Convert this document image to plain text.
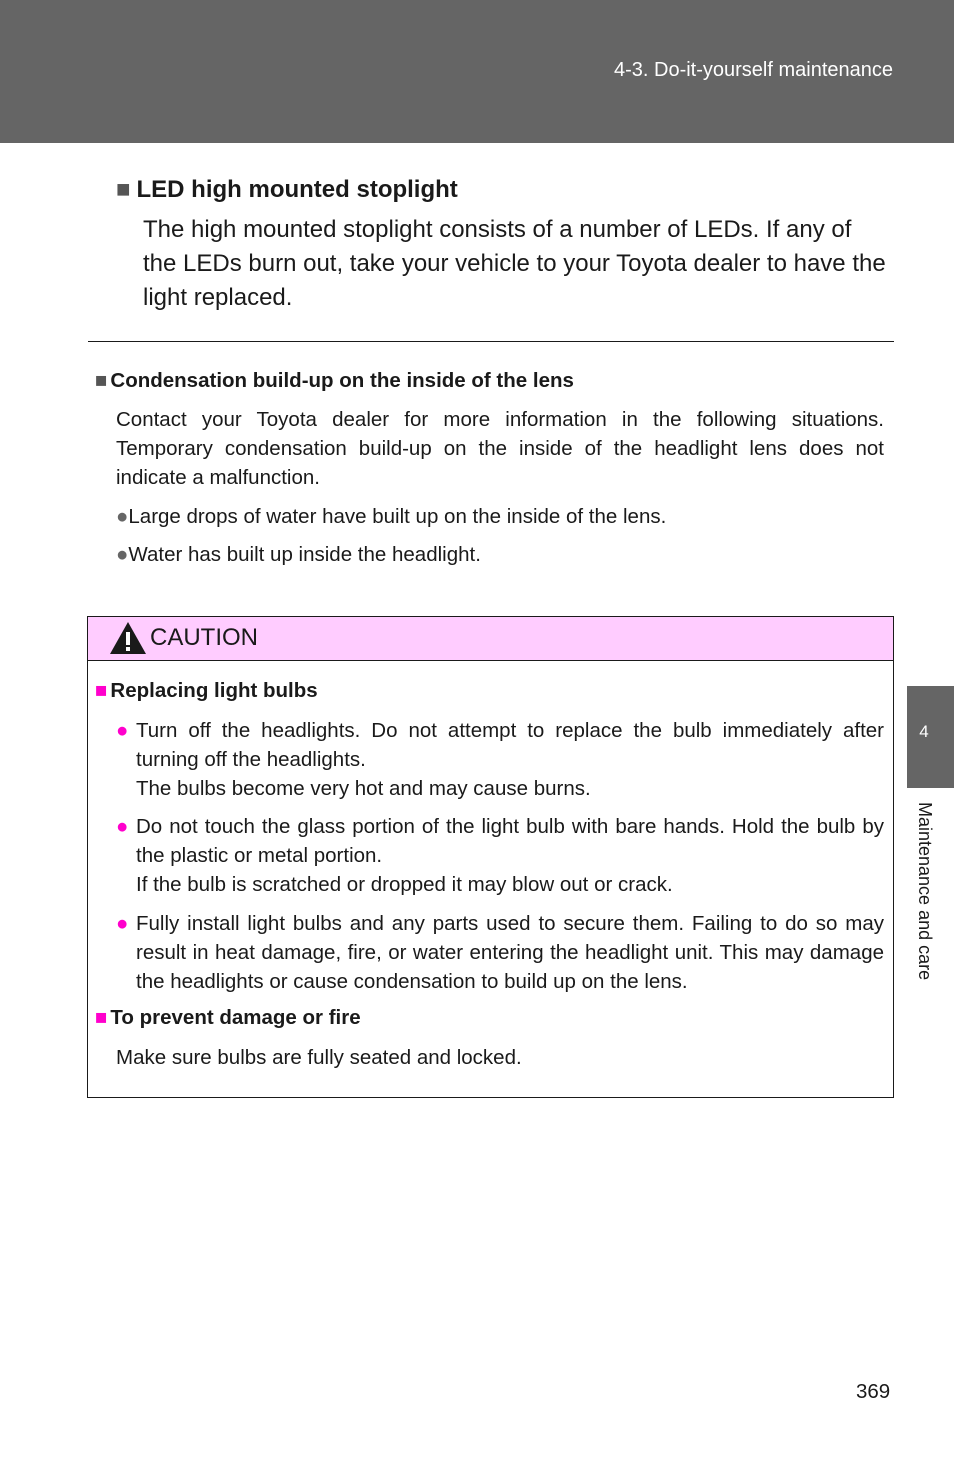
4-3. Do-it-yourself maintenance
4
Maintenance and care
■ LED high mounted stoplight
The high mounted stoplight consists of a number of LEDs. If any of the LEDs burn out, take your vehicle to your Toyota dealer to have the light replaced.
■ Condensation build-up on the inside of the lens
Contact your Toyota dealer for more information in the following situations. Temporary condensation build-up on the inside of the headlight lens does not indicate a malfunction.
●Large drops of water have built up on the inside of the lens.
●Water has built up inside the headlight.
CAUTION
■ Replacing light bulbs
● Turn off the headlights. Do not attempt to replace the bulb immediately after turning off the headlights.
The bulbs become very hot and may cause burns.
● Do not touch the glass portion of the light bulb with bare hands. Hold the bulb by the plastic or metal portion.
If the bulb is scratched or dropped it may blow out or crack.
● Fully install light bulbs and any parts used to secure them. Failing to do so may result in heat damage, fire, or water entering the headlight unit. This may damage the headlights or cause condensation to build up on the lens.
■ To prevent damage or fire
Make sure bulbs are fully seated and locked.
369
